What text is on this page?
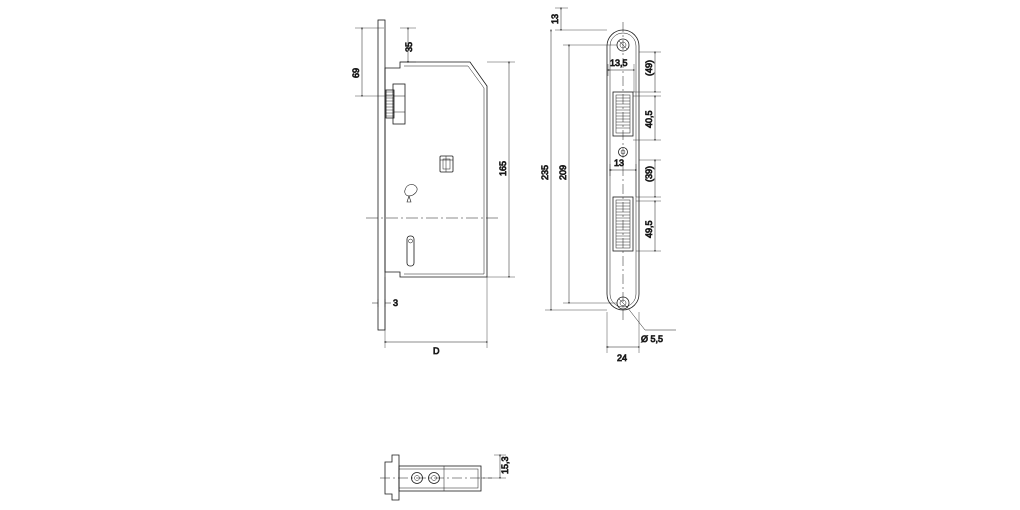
35
69
165
3
D
13
13,5 (49)
40,5
13
(39)
49,5
235 209
Ø 5,5
24
15,3
